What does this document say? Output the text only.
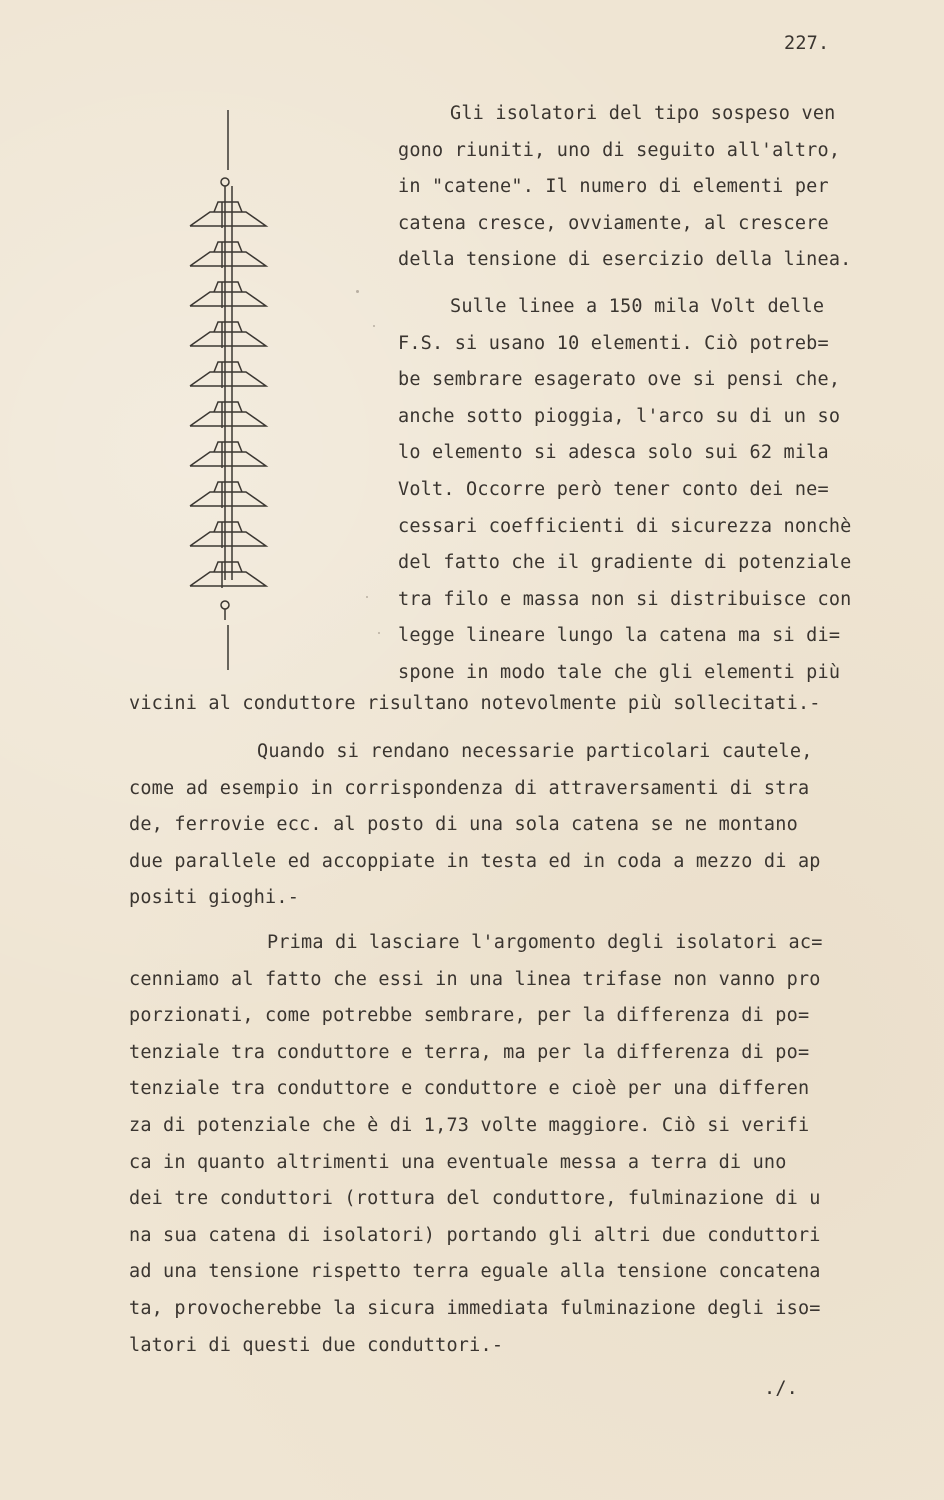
227.
Gli isolatori del tipo sospeso ven
gono riuniti, uno di seguito all'altro,
in "catene". Il numero di elementi per
catena cresce, ovviamente, al crescere
della tensione di esercizio della linea.
Sulle linee a 150 mila Volt delle
F.S. si usano 10 elementi. Ciò potreb=
be sembrare esagerato ove si pensi che,
anche sotto pioggia, l'arco su di un so
lo elemento si adesca solo sui 62 mila
Volt. Occorre però tener conto dei ne=
cessari coefficienti di sicurezza nonchè
del fatto che il gradiente di potenziale
tra filo e massa non si distribuisce con
legge lineare lungo la catena ma si di=
spone in modo tale che gli elementi più
vicini al conduttore risultano notevolmente più sollecitati.-
Quando si rendano necessarie particolari cautele,
come ad esempio in corrispondenza di attraversamenti di stra
de, ferrovie ecc. al posto di una sola catena se ne montano
due parallele ed accoppiate in testa ed in coda a mezzo di ap
positi gioghi.-
Prima di lasciare l'argomento degli isolatori ac=
cenniamo al fatto che essi in una linea trifase non vanno pro
porzionati, come potrebbe sembrare, per la differenza di po=
tenziale tra conduttore e terra, ma per la differenza di po=
tenziale tra conduttore e conduttore e cioè per una differen
za di potenziale che è di 1,73 volte maggiore. Ciò si verifi
ca in quanto altrimenti una eventuale messa a terra di uno
dei tre conduttori (rottura del conduttore, fulminazione di u
na sua catena di isolatori) portando gli altri due conduttori
ad una tensione rispetto terra eguale alla tensione concatena
ta, provocherebbe la sicura immediata fulminazione degli iso=
latori di questi due conduttori.-
./.
